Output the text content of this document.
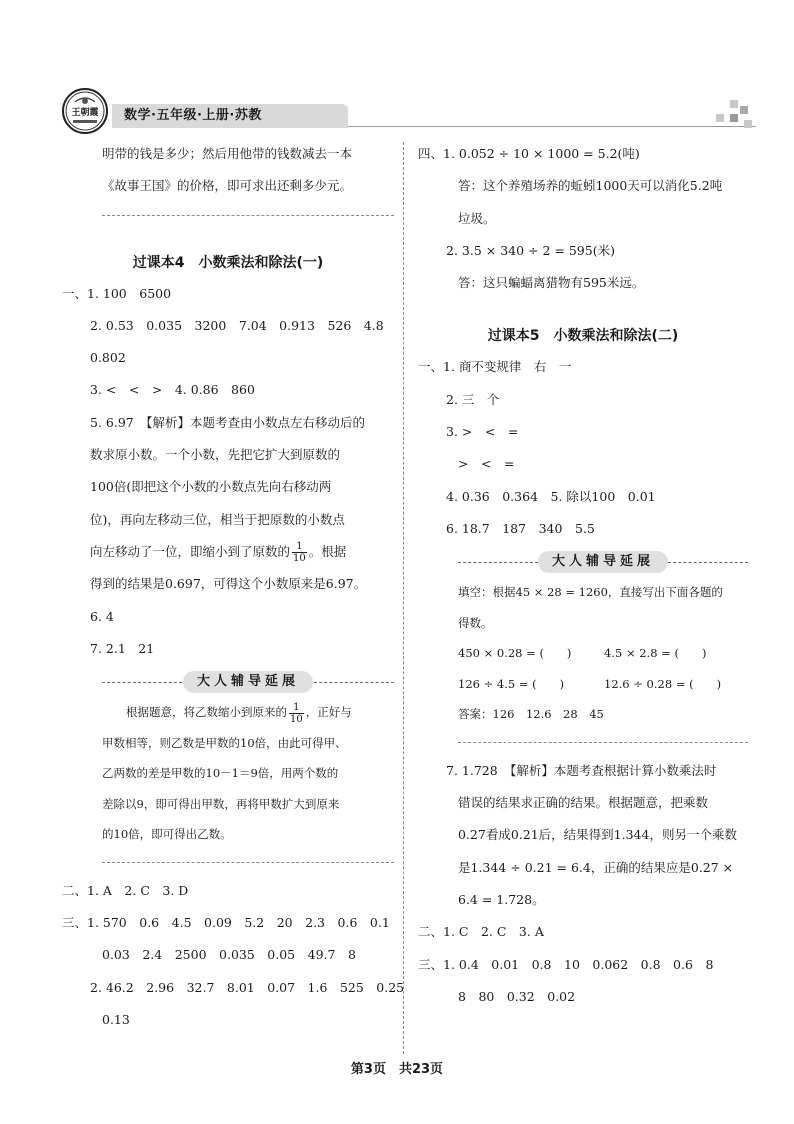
王朝霞	数学·五年级·上册·苏教
明带的钱是多少；然后用他带的钱数减去一本
《故事王国》的价格，即可求出还剩多少元。
过课本4　小数乘法和除法(一)
一、1. 100　6500
2. 0.53　0.035　3200　7.04　0.913　526　4.8
0.802
3. <　<　>　4. 0.86　860
5. 6.97　【解析】本题考查由小数点左右移动后的
数求原小数。一个小数，先把它扩大到原数的
100倍(即把这个小数的小数点先向右移动两
位)，再向左移动三位，相当于把原数的小数点
向左移动了一位，即缩小到了原数的 $\frac{1}{10}$ 。根据
得到的结果是0.697，可得这个小数原来是6.97。
6. 4
7. 2.1　21
大人辅导延展
根据题意，将乙数缩小到原来的 $\frac{1}{10}$ ，正好与
甲数相等，则乙数是甲数的10倍，由此可得甲、
乙两数的差是甲数的10－1＝9倍，用两个数的
差除以9，即可得出甲数，再将甲数扩大到原来
的10倍，即可得出乙数。
二、1. A　2. C　3. D
三、1. 570　0.6　4.5　0.09　5.2　20　2.3　0.6　0.1
0.03　2.4　2500　0.035　0.05　49.7　8
2. 46.2　2.96　32.7　8.01　0.07　1.6　525　0.25
0.13
四、1. 0.052 ÷ 10 × 1000 = 5.2(吨)
答：这个养殖场养的蚯蚓1000天可以消化5.2吨
垃圾。
2. 3.5 × 340 ÷ 2 = 595(米)
答：这只蝙蝠离猎物有595米远。
过课本5　小数乘法和除法(二)
一、1. 商不变规律　右　一
2. 三　个
3. >　<　=
>　<　=
4. 0.36̇　0.364　5. 除以100　0.01
6. 18.7　187　340　5.5
大人辅导延展
填空：根据45 × 28 = 1260，直接写出下面各题的
得数。
450 × 0.28 = (　　)	4.5 × 2.8 = (　　)
126 ÷ 4.5 = (　　)	12.6 ÷ 0.28 = (　　)
答案：126　12.6　28　45
7. 1.728　【解析】本题考查根据计算小数乘法时
错误的结果求正确的结果。根据题意，把乘数
0.27看成0.21后，结果得到1.344，则另一个乘数
是1.344 ÷ 0.21 = 6.4，正确的结果应是0.27 ×
6.4 = 1.728。
二、1. C　2. C　3. A
三、1. 0.4　0.01　0.8　10　0.062　0.8　0.6　8
8　80　0.32　0.02
第3页　共23页
